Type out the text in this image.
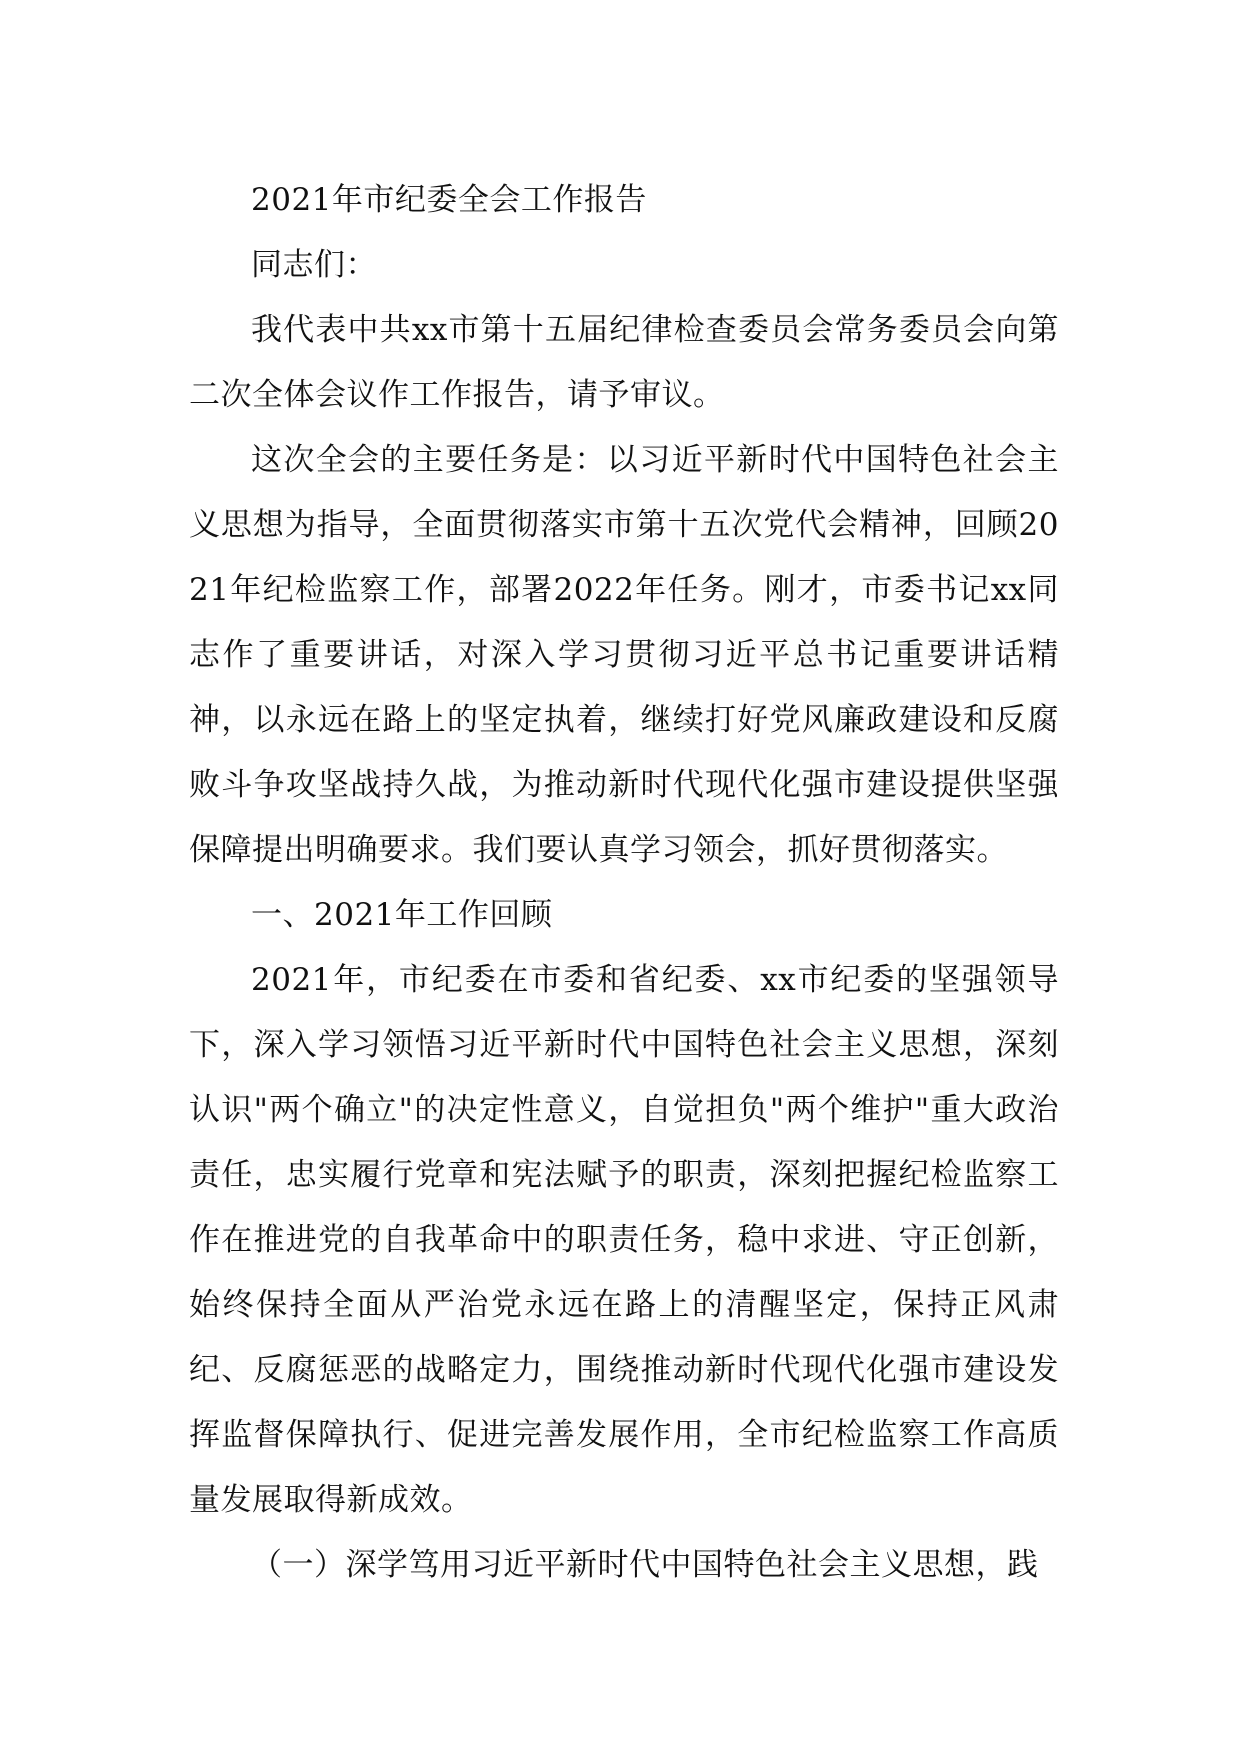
2021年市纪委全会工作报告

同志们：

我代表中共xx市第十五届纪律检查委员会常务委员会向第二次全体会议作工作报告，请予审议。

这次全会的主要任务是：以习近平新时代中国特色社会主义思想为指导，全面贯彻落实市第十五次党代会精神，回顾2021年纪检监察工作，部署2022年任务。刚才，市委书记xx同志作了重要讲话，对深入学习贯彻习近平总书记重要讲话精神，以永远在路上的坚定执着，继续打好党风廉政建设和反腐败斗争攻坚战持久战，为推动新时代现代化强市建设提供坚强保障提出明确要求。我们要认真学习领会，抓好贯彻落实。

一、2021年工作回顾

2021年，市纪委在市委和省纪委、xx市纪委的坚强领导下，深入学习领悟习近平新时代中国特色社会主义思想，深刻认识"两个确立"的决定性意义，自觉担负"两个维护"重大政治责任，忠实履行党章和宪法赋予的职责，深刻把握纪检监察工作在推进党的自我革命中的职责任务，稳中求进、守正创新，始终保持全面从严治党永远在路上的清醒坚定，保持正风肃纪、反腐惩恶的战略定力，围绕推动新时代现代化强市建设发挥监督保障执行、促进完善发展作用，全市纪检监察工作高质量发展取得新成效。

（一）深学笃用习近平新时代中国特色社会主义思想，践
